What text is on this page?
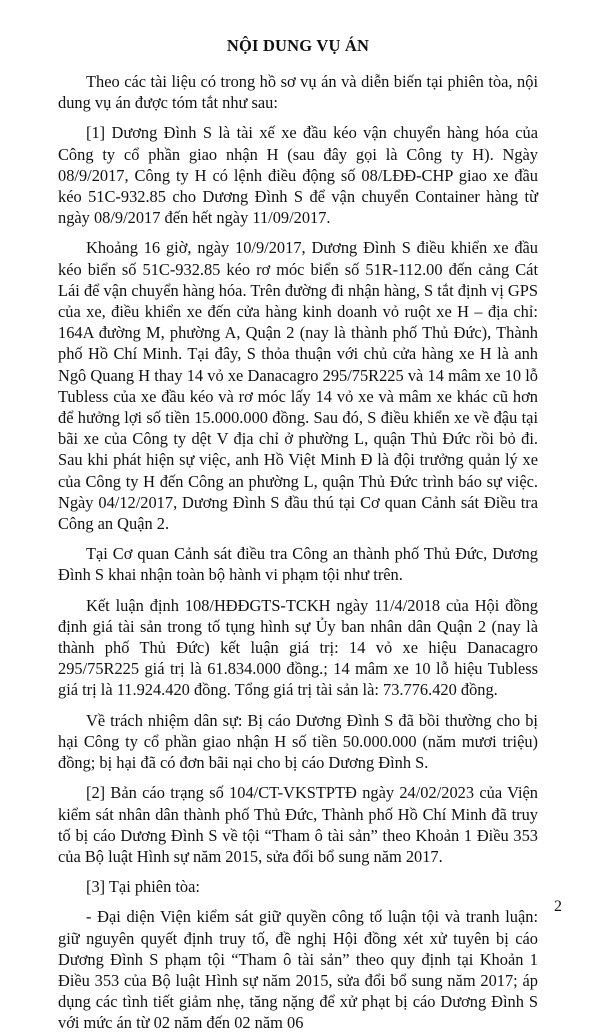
NỘI DUNG VỤ ÁN

Theo các tài liệu có trong hồ sơ vụ án và diễn biến tại phiên tòa, nội dung vụ án được tóm tắt như sau:

[1] Dương Đình S là tài xế xe đầu kéo vận chuyển hàng hóa của Công ty cổ phần giao nhận H (sau đây gọi là Công ty H). Ngày 08/9/2017, Công ty H có lệnh điều động số 08/LĐĐ-CHP giao xe đầu kéo 51C-932.85 cho Dương Đình S để vận chuyển Container hàng từ ngày 08/9/2017 đến hết ngày 11/09/2017.

Khoảng 16 giờ, ngày 10/9/2017, Dương Đình S điều khiển xe đầu kéo biển số 51C-932.85 kéo rơ móc biển số 51R-112.00 đến cảng Cát Lái để vận chuyển hàng hóa. Trên đường đi nhận hàng, S tắt định vị GPS của xe, điều khiển xe đến cửa hàng kinh doanh vỏ ruột xe H – địa chỉ: 164A đường M, phường A, Quận 2 (nay là thành phố Thủ Đức), Thành phố Hồ Chí Minh. Tại đây, S thỏa thuận với chủ cửa hàng xe H là anh Ngô Quang H thay 14 vỏ xe Danacagro 295/75R225 và 14 mâm xe 10 lỗ Tubless của xe đầu kéo và rơ móc lấy 14 vỏ xe và mâm xe khác cũ hơn để hưởng lợi số tiền 15.000.000 đồng. Sau đó, S điều khiển xe về đậu tại bãi xe của Công ty dệt V địa chỉ ở phường L, quận Thủ Đức rồi bỏ đi. Sau khi phát hiện sự việc, anh Hồ Việt Minh Đ là đội trưởng quản lý xe của Công ty H đến Công an phường L, quận Thủ Đức trình báo sự việc. Ngày 04/12/2017, Dương Đình S đầu thú tại Cơ quan Cảnh sát Điều tra Công an Quận 2.

Tại Cơ quan Cảnh sát điều tra Công an thành phố Thủ Đức, Dương Đình S khai nhận toàn bộ hành vi phạm tội như trên.

Kết luận định 108/HĐĐGTS-TCKH ngày 11/4/2018 của Hội đồng định giá tài sản trong tố tụng hình sự Ủy ban nhân dân Quận 2 (nay là thành phố Thủ Đức) kết luận giá trị: 14 vỏ xe hiệu Danacagro 295/75R225 giá trị là 61.834.000 đồng.; 14 mâm xe 10 lỗ hiệu Tubless giá trị là 11.924.420 đồng. Tổng giá trị tài sản là: 73.776.420 đồng.

Về trách nhiệm dân sự: Bị cáo Dương Đình S đã bồi thường cho bị hại Công ty cổ phần giao nhận H số tiền 50.000.000 (năm mươi triệu) đồng; bị hại đã có đơn bãi nại cho bị cáo Dương Đình S.

[2] Bản cáo trạng số 104/CT-VKSTPTĐ ngày 24/02/2023 của Viện kiểm sát nhân dân thành phố Thủ Đức, Thành phố Hồ Chí Minh đã truy tố bị cáo Dương Đình S về tội “Tham ô tài sản” theo Khoản 1 Điều 353 của Bộ luật Hình sự năm 2015, sửa đổi bổ sung năm 2017.

[3] Tại phiên tòa:

- Đại diện Viện kiểm sát giữ quyền công tố luận tội và tranh luận: giữ nguyên quyết định truy tố, đề nghị Hội đồng xét xử tuyên bị cáo Dương Đình S phạm tội “Tham ô tài sản” theo quy định tại Khoản 1 Điều 353 của Bộ luật Hình sự năm 2015, sửa đổi bổ sung năm 2017; áp dụng các tình tiết giảm nhẹ, tăng nặng để xử phạt bị cáo Dương Đình S với mức án từ 02 năm đến 02 năm 06

2
